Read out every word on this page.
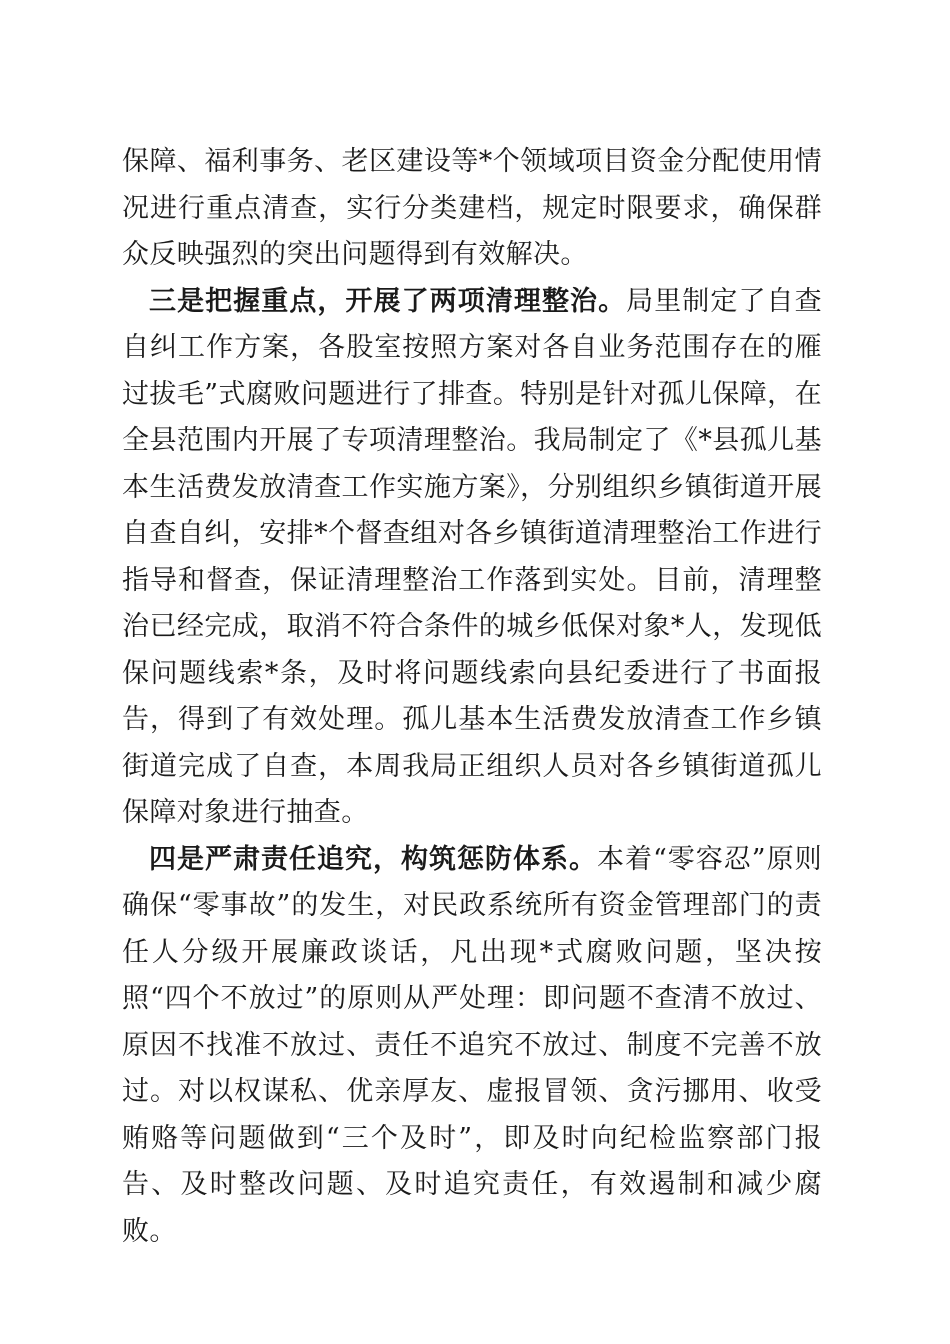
保障、福利事务、老区建设等*个领域项目资金分配使用情况进行重点清查，实行分类建档，规定时限要求，确保群众反映强烈的突出问题得到有效解决。

三是把握重点，开展了两项清理整治。局里制定了自查自纠工作方案，各股室按照方案对各自业务范围存在的雁过拔毛”式腐败问题进行了排查。特别是针对孤儿保障，在全县范围内开展了专项清理整治。我局制定了《*县孤儿基本生活费发放清查工作实施方案》，分别组织乡镇街道开展自查自纠，安排*个督查组对各乡镇街道清理整治工作进行指导和督查，保证清理整治工作落到实处。目前，清理整治已经完成，取消不符合条件的城乡低保对象*人，发现低保问题线索*条，及时将问题线索向县纪委进行了书面报告，得到了有效处理。孤儿基本生活费发放清查工作乡镇街道完成了自查，本周我局正组织人员对各乡镇街道孤儿保障对象进行抽查。

四是严肃责任追究，构筑惩防体系。本着“零容忍”原则确保“零事故”的发生，对民政系统所有资金管理部门的责任人分级开展廉政谈话，凡出现*式腐败问题，坚决按照“四个不放过”的原则从严处理：即问题不查清不放过、原因不找准不放过、责任不追究不放过、制度不完善不放过。对以权谋私、优亲厚友、虚报冒领、贪污挪用、收受贿赂等问题做到“三个及时”，即及时向纪检监察部门报告、及时整改问题、及时追究责任，有效遏制和减少腐败。
